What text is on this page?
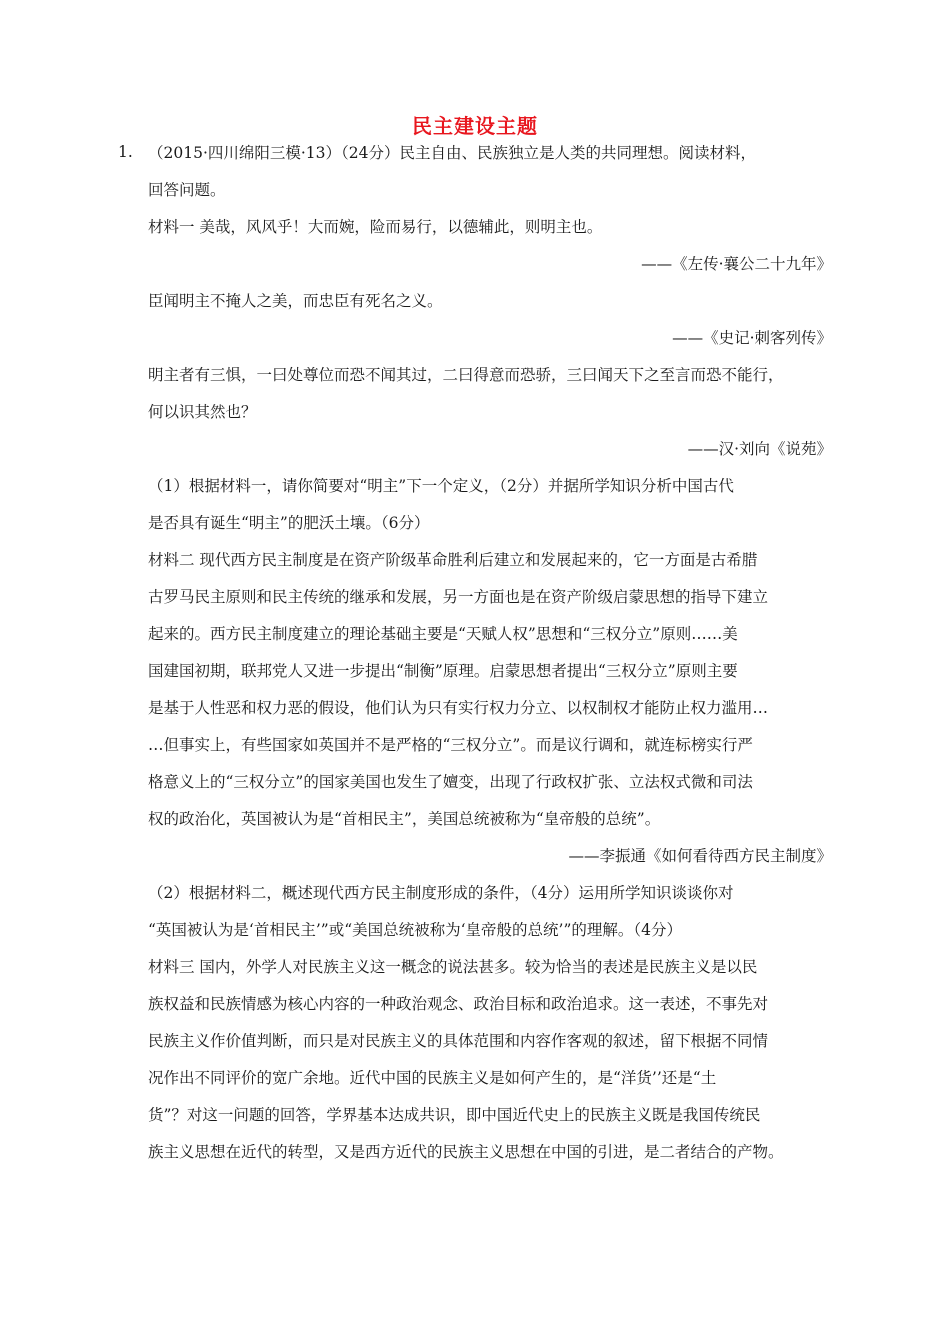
民主建设主题
1. （2015·四川绵阳三模·13）（24分）民主自由、民族独立是人类的共同理想。阅读材料，

回答问题。

材料一 美哉，风风乎！大而婉，险而易行，以德辅此，则明主也。

——《左传·襄公二十九年》

臣闻明主不掩人之美，而忠臣有死名之义。

——《史记·刺客列传》

明主者有三惧，一曰处尊位而恐不闻其过，二曰得意而恐骄，三曰闻天下之至言而恐不能行，

何以识其然也？

——汉·刘向《说苑》

（1）根据材料一，请你简要对“明主”下一个定义，（2分）并据所学知识分析中国古代

是否具有诞生“明主”的肥沃土壤。（6分）

材料二 现代西方民主制度是在资产阶级革命胜利后建立和发展起来的，它一方面是古希腊

古罗马民主原则和民主传统的继承和发展，另一方面也是在资产阶级启蒙思想的指导下建立

起来的。西方民主制度建立的理论基础主要是“天赋人权”思想和“三权分立”原则……美

国建国初期，联邦党人又进一步提出“制衡”原理。启蒙思想者提出“三权分立”原则主要

是基于人性恶和权力恶的假设，他们认为只有实行权力分立、以权制权才能防止权力滥用…

…但事实上，有些国家如英国并不是严格的“三权分立”。而是议行调和，就连标榜实行严

格意义上的“三权分立”的国家美国也发生了嬗变，出现了行政权扩张、立法权式微和司法

权的政治化，英国被认为是“首相民主”，美国总统被称为“皇帝般的总统”。

——李振通《如何看待西方民主制度》

（2）根据材料二，概述现代西方民主制度形成的条件，（4分）运用所学知识谈谈你对

“英国被认为是‘首相民主’”或“美国总统被称为‘皇帝般的总统’”的理解。（4分）

材料三 国内，外学人对民族主义这一概念的说法甚多。较为恰当的表述是民族主义是以民

族权益和民族情感为核心内容的一种政治观念、政治目标和政治追求。这一表述，不事先对

民族主义作价值判断，而只是对民族主义的具体范围和内容作客观的叙述，留下根据不同情

况作出不同评价的宽广余地。近代中国的民族主义是如何产生的，是“洋货’’还是“土

货”？对这一问题的回答，学界基本达成共识，即中国近代史上的民族主义既是我国传统民

族主义思想在近代的转型，又是西方近代的民族主义思想在中国的引进，是二者结合的产物。
